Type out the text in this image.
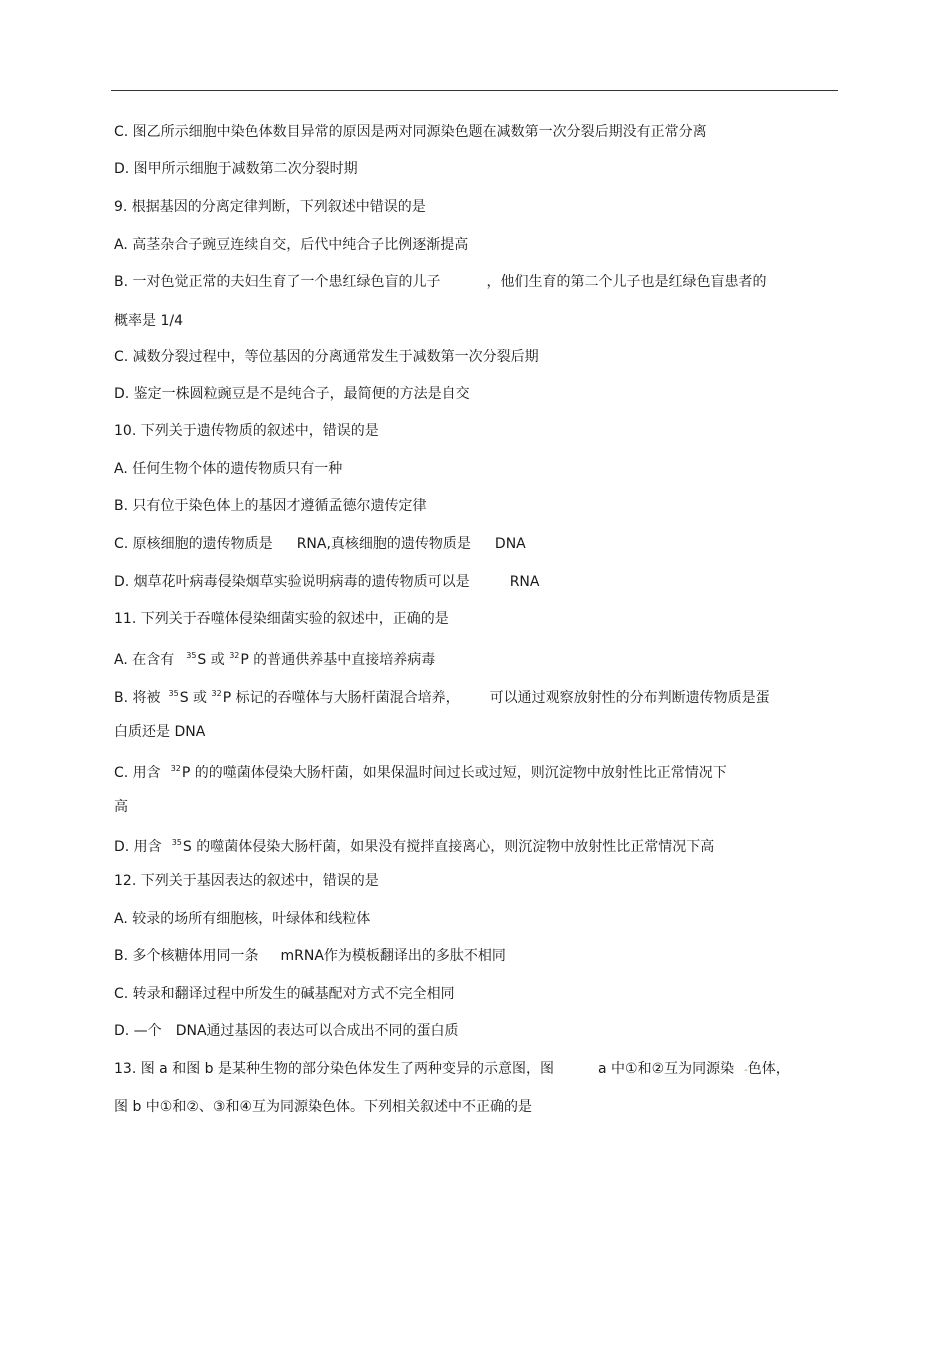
C. 图乙所示细胞中染色体数目异常的原因是两对同源染色题在减数第一次分裂后期没有正常分离
D. 图甲所示细胞于减数第二次分裂时期
9. 根据基因的分离定律判断，下列叙述中错误的是
A. 高茎杂合子豌豆连续自交，后代中纯合子比例逐渐提高
B. 一对色觉正常的夫妇生育了一个患红绿色盲的儿子	，他们生育的第二个儿子也是红绿色盲患者的
概率是 1/4
C. 减数分裂过程中，等位基因的分离通常发生于减数第一次分裂后期
D. 鉴定一株圆粒豌豆是不是纯合子，最简便的方法是自交
10. 下列关于遗传物质的叙述中，错误的是
A. 任何生物个体的遗传物质只有一种
B. 只有位于染色体上的基因才遵循孟德尔遗传定律
C. 原核细胞的遗传物质是 RNA,真核细胞的遗传物质是 DNA
D. 烟草花叶病毒侵染烟草实验说明病毒的遗传物质可以是	RNA
11. 下列关于吞噬体侵染细菌实验的叙述中，正确的是
A. 在含有 $^{35}$S 或 $^{32}$P 的普通供养基中直接培养病毒
B. 将被 $^{35}$S 或 $^{32}$P 标记的吞噬体与大肠杆菌混合培养， 可以通过观察放射性的分布判断遗传物质是蛋
白质还是 DNA
C. 用含 $^{32}$P 的的噬菌体侵染大肠杆菌，如果保温时间过长或过短，则沉淀物中放射性比正常情况下
高
D. 用含 $^{35}$S 的噬菌体侵染大肠杆菌，如果没有搅拌直接离心，则沉淀物中放射性比正常情况下高
12. 下列关于基因表达的叙述中，错误的是
A. 较录的场所有细胞核，叶绿体和线粒体
B. 多个核糖体用同一条 mRNA作为模板翻译出的多肽不相同
C. 转录和翻译过程中所发生的碱基配对方式不完全相同
D. —个 DNA通过基因的表达可以合成出不同的蛋白质
13. 图 a 和图 b 是某种生物的部分染色体发生了两种变异的示意图，图	a 中①和②互为同源染 -色体，
图 b 中①和②、③和④互为同源染色体。下列相关叙述中不正确的是
